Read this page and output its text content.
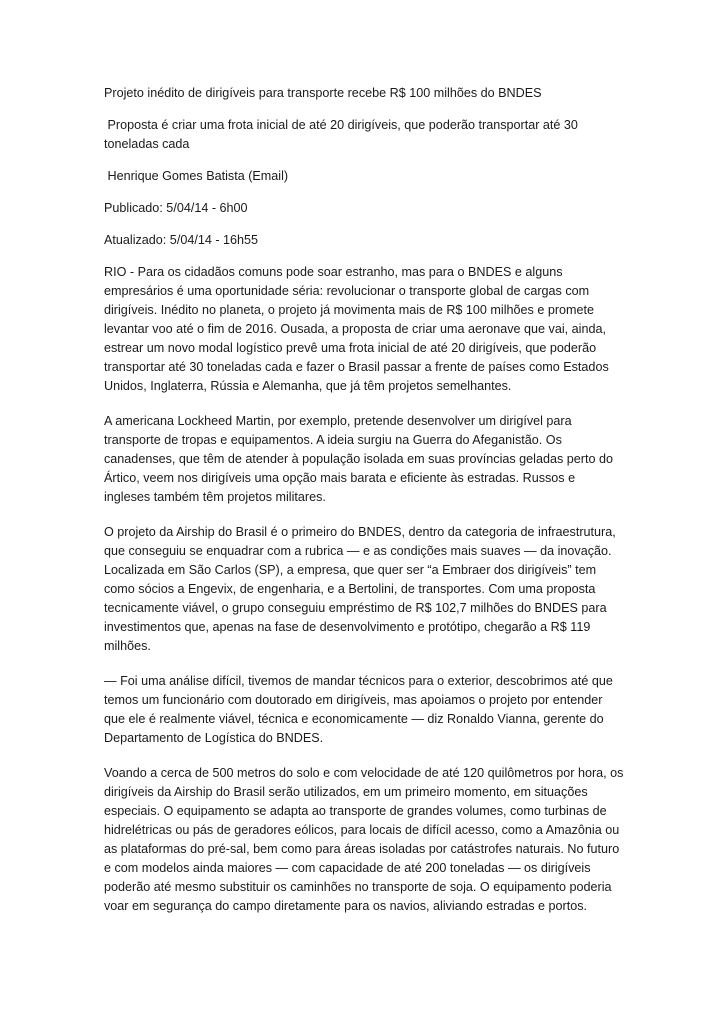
Projeto inédito de dirigíveis para transporte recebe R$ 100 milhões do BNDES

Proposta é criar uma frota inicial de até 20 dirigíveis, que poderão transportar até 30 toneladas cada

Henrique Gomes Batista (Email)

Publicado: 5/04/14 - 6h00

Atualizado: 5/04/14 - 16h55

RIO - Para os cidadãos comuns pode soar estranho, mas para o BNDES e alguns empresários é uma oportunidade séria: revolucionar o transporte global de cargas com dirigíveis. Inédito no planeta, o projeto já movimenta mais de R$ 100 milhões e promete levantar voo até o fim de 2016. Ousada, a proposta de criar uma aeronave que vai, ainda, estrear um novo modal logístico prevê uma frota inicial de até 20 dirigíveis, que poderão transportar até 30 toneladas cada e fazer o Brasil passar a frente de países como Estados Unidos, Inglaterra, Rússia e Alemanha, que já têm projetos semelhantes.

A americana Lockheed Martin, por exemplo, pretende desenvolver um dirigível para transporte de tropas e equipamentos. A ideia surgiu na Guerra do Afeganistão. Os canadenses, que têm de atender à população isolada em suas províncias geladas perto do Ártico, veem nos dirigíveis uma opção mais barata e eficiente às estradas. Russos e ingleses também têm projetos militares.

O projeto da Airship do Brasil é o primeiro do BNDES, dentro da categoria de infraestrutura, que conseguiu se enquadrar com a rubrica — e as condições mais suaves — da inovação. Localizada em São Carlos (SP), a empresa, que quer ser “a Embraer dos dirigíveis” tem como sócios a Engevix, de engenharia, e a Bertolini, de transportes. Com uma proposta tecnicamente viável, o grupo conseguiu empréstimo de R$ 102,7 milhões do BNDES para investimentos que, apenas na fase de desenvolvimento e protótipo, chegarão a R$ 119 milhões.

— Foi uma análise difícil, tivemos de mandar técnicos para o exterior, descobrimos até que temos um funcionário com doutorado em dirigíveis, mas apoiamos o projeto por entender que ele é realmente viável, técnica e economicamente — diz Ronaldo Vianna, gerente do Departamento de Logística do BNDES.

Voando a cerca de 500 metros do solo e com velocidade de até 120 quilômetros por hora, os dirigíveis da Airship do Brasil serão utilizados, em um primeiro momento, em situações especiais. O equipamento se adapta ao transporte de grandes volumes, como turbinas de hidrelétricas ou pás de geradores eólicos, para locais de difícil acesso, como a Amazônia ou as plataformas do pré-sal, bem como para áreas isoladas por catástrofes naturais. No futuro e com modelos ainda maiores — com capacidade de até 200 toneladas — os dirigíveis poderão até mesmo substituir os caminhões no transporte de soja. O equipamento poderia voar em segurança do campo diretamente para os navios, aliviando estradas e portos.
